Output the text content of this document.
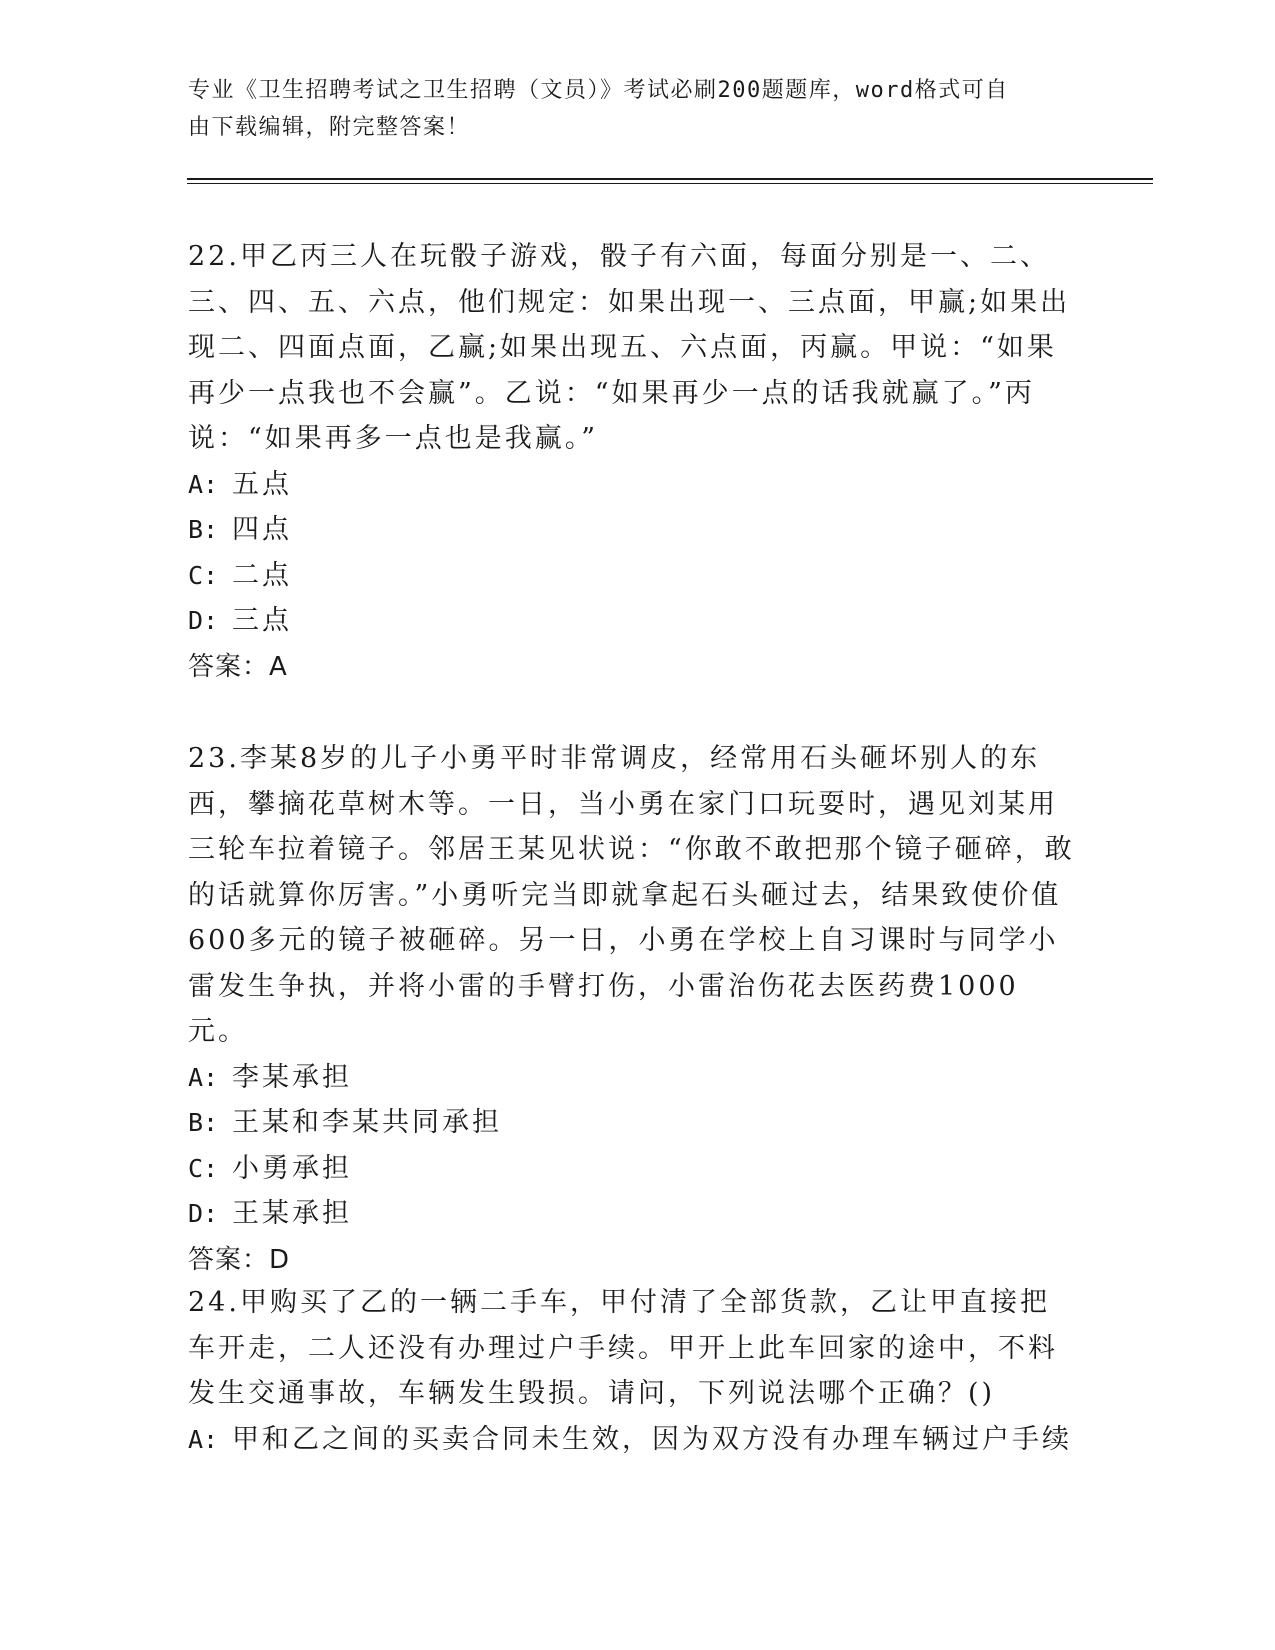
专业《卫生招聘考试之卫生招聘（文员）》考试必刷200题题库，word格式可自
由下载编辑，附完整答案！

22.甲乙丙三人在玩骰子游戏，骰子有六面，每面分别是一、二、三、四、五、六点，他们规定：如果出现一、三点面，甲赢;如果出现二、四面点面，乙赢;如果出现五、六点面，丙赢。甲说：“如果再少一点我也不会赢”。乙说：“如果再少一点的话我就赢了。”丙说：“如果再多一点也是我赢。”

A: 五点

B: 四点

C: 二点

D: 三点

答案：A

23.李某8岁的儿子小勇平时非常调皮，经常用石头砸坏别人的东西，攀摘花草树木等。一日，当小勇在家门口玩耍时，遇见刘某用三轮车拉着镜子。邻居王某见状说：“你敢不敢把那个镜子砸碎，敢的话就算你厉害。”小勇听完当即就拿起石头砸过去，结果致使价值600多元的镜子被砸碎。另一日，小勇在学校上自习课时与同学小雷发生争执，并将小雷的手臂打伤，小雷治伤花去医药费1000元。

A: 李某承担

B: 王某和李某共同承担

C: 小勇承担

D: 王某承担

答案：D

24.甲购买了乙的一辆二手车，甲付清了全部货款，乙让甲直接把车开走，二人还没有办理过户手续。甲开上此车回家的途中，不料发生交通事故，车辆发生毁损。请问，下列说法哪个正确？()

A: 甲和乙之间的买卖合同未生效，因为双方没有办理车辆过户手续
